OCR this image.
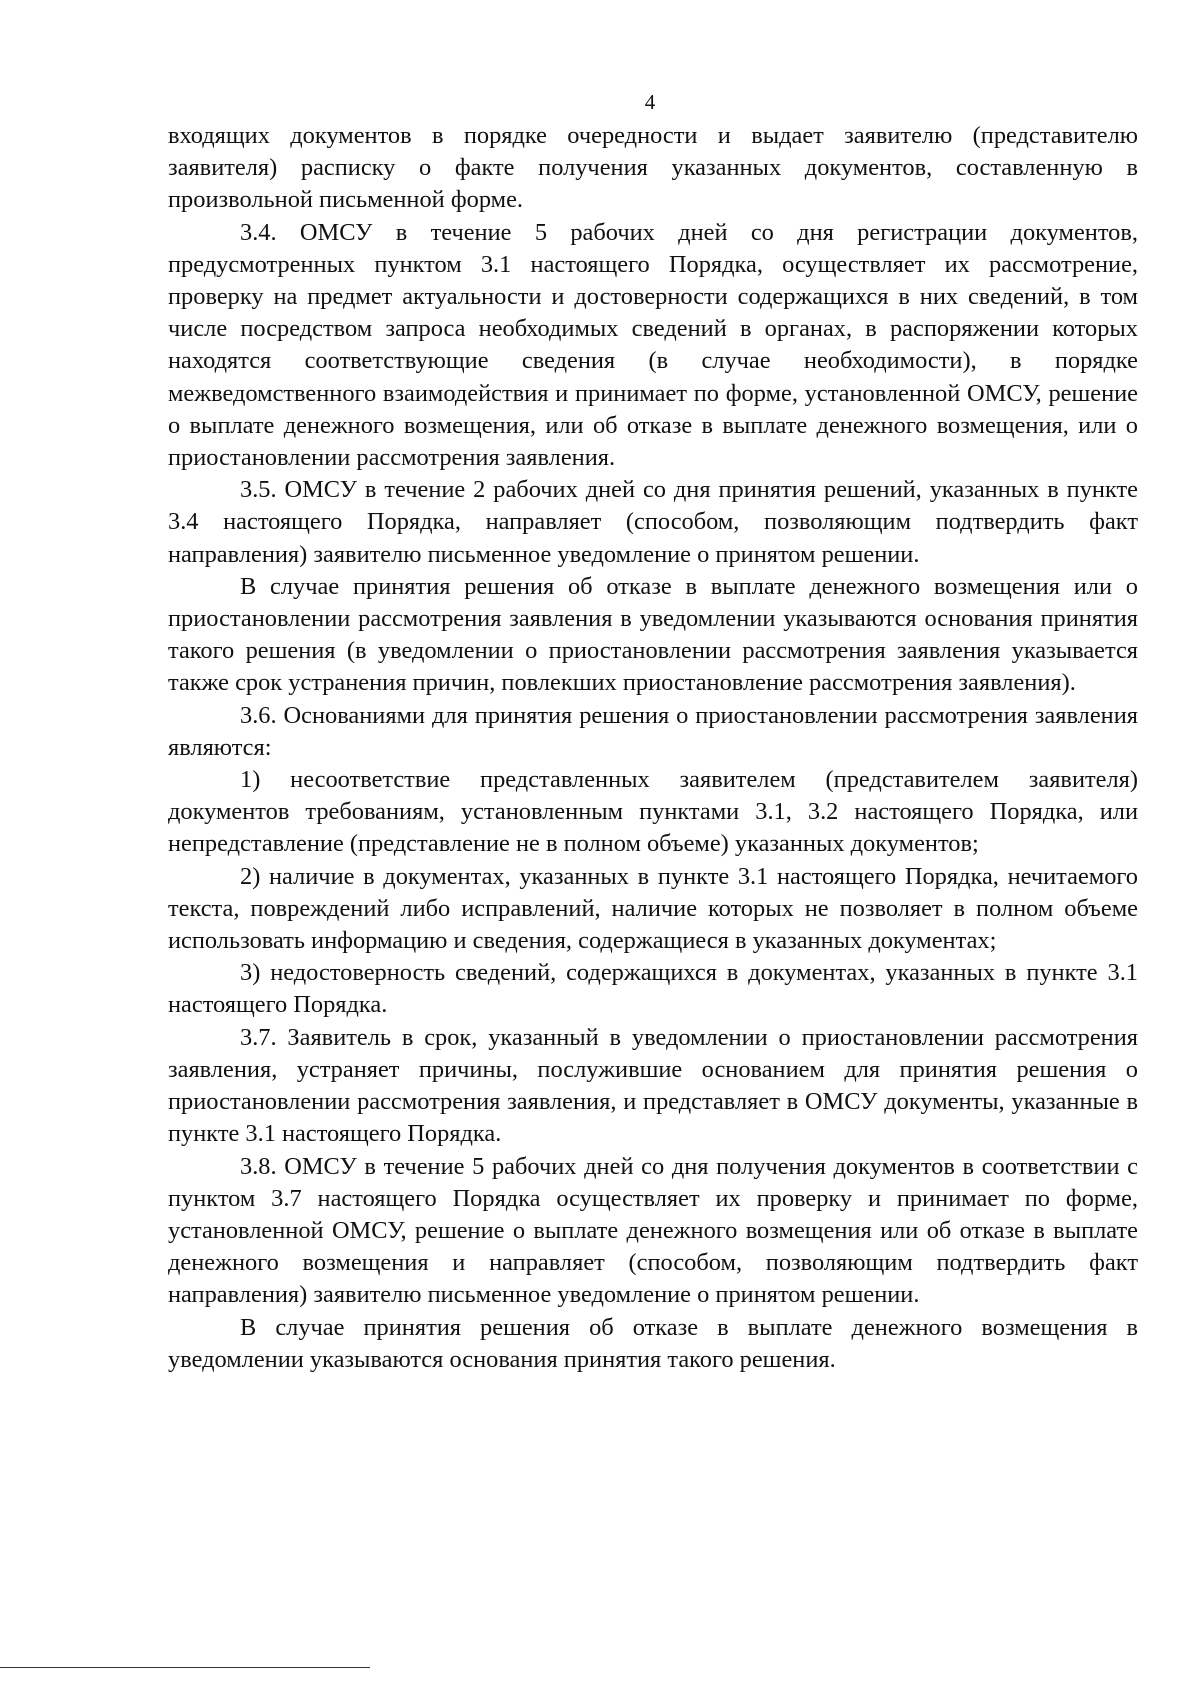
4

входящих документов в порядке очередности и выдает заявителю (представителю заявителя) расписку о факте получения указанных документов, составленную в произвольной письменной форме.

3.4. ОМСУ в течение 5 рабочих дней со дня регистрации документов, предусмотренных пунктом 3.1 настоящего Порядка, осуществляет их рассмотрение, проверку на предмет актуальности и достоверности содержащихся в них сведений, в том числе посредством запроса необходимых сведений в органах, в распоряжении которых находятся соответствующие сведения (в случае необходимости), в порядке межведомственного взаимодействия и принимает по форме, установленной ОМСУ, решение о выплате денежного возмещения, или об отказе в выплате денежного возмещения, или о приостановлении рассмотрения заявления.

3.5. ОМСУ в течение 2 рабочих дней со дня принятия решений, указанных в пункте 3.4 настоящего Порядка, направляет (способом, позволяющим подтвердить факт направления) заявителю письменное уведомление о принятом решении.

В случае принятия решения об отказе в выплате денежного возмещения или о приостановлении рассмотрения заявления в уведомлении указываются основания принятия такого решения (в уведомлении о приостановлении рассмотрения заявления указывается также срок устранения причин, повлекших приостановление рассмотрения заявления).

3.6. Основаниями для принятия решения о приостановлении рассмотрения заявления являются:

1) несоответствие представленных заявителем (представителем заявителя) документов требованиям, установленным пунктами 3.1, 3.2 настоящего Порядка, или непредставление (представление не в полном объеме) указанных документов;

2) наличие в документах, указанных в пункте 3.1 настоящего Порядка, нечитаемого текста, повреждений либо исправлений, наличие которых не позволяет в полном объеме использовать информацию и сведения, содержащиеся в указанных документах;

3) недостоверность сведений, содержащихся в документах, указанных в пункте 3.1 настоящего Порядка.

3.7. Заявитель в срок, указанный в уведомлении о приостановлении рассмотрения заявления, устраняет причины, послужившие основанием для принятия решения о приостановлении рассмотрения заявления, и представляет в ОМСУ документы, указанные в пункте 3.1 настоящего Порядка.

3.8. ОМСУ в течение 5 рабочих дней со дня получения документов в соответствии с пунктом 3.7 настоящего Порядка осуществляет их проверку и принимает по форме, установленной ОМСУ, решение о выплате денежного возмещения или об отказе в выплате денежного возмещения и направляет (способом, позволяющим подтвердить факт направления) заявителю письменное уведомление о принятом решении.

В случае принятия решения об отказе в выплате денежного возмещения в уведомлении указываются основания принятия такого решения.
